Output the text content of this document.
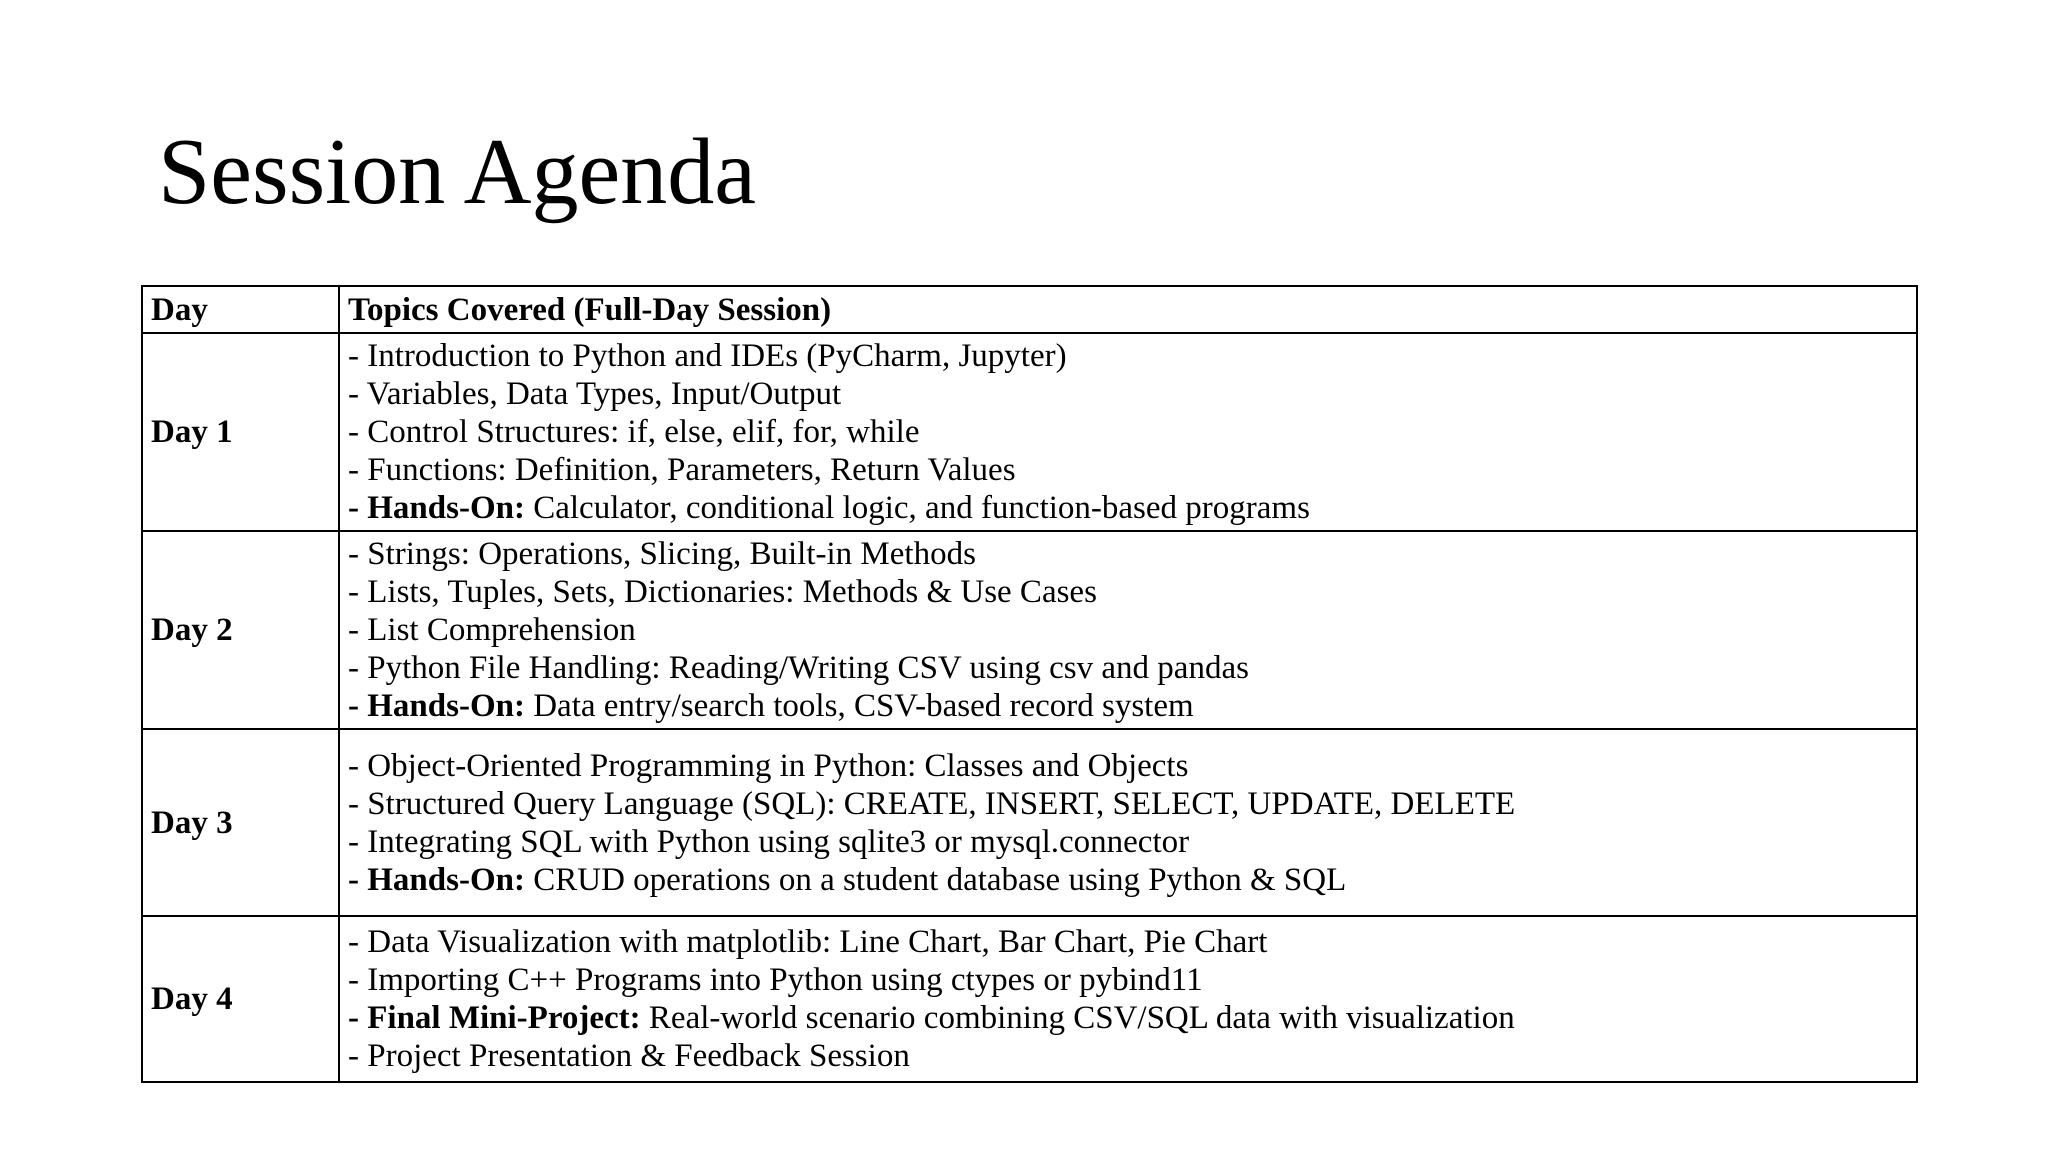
Session Agenda
Day	Topics Covered (Full-Day Session)
Day 1	- Introduction to Python and IDEs (PyCharm, Jupyter)
- Variables, Data Types, Input/Output
- Control Structures: if, else, elif, for, while
- Functions: Definition, Parameters, Return Values
- Hands-On: Calculator, conditional logic, and function-based programs

Day 2	- Strings: Operations, Slicing, Built-in Methods
- Lists, Tuples, Sets, Dictionaries: Methods & Use Cases
- List Comprehension
- Python File Handling: Reading/Writing CSV using csv and pandas
- Hands-On: Data entry/search tools, CSV-based record system

Day 3	- Object-Oriented Programming in Python: Classes and Objects
- Structured Query Language (SQL): CREATE, INSERT, SELECT, UPDATE, DELETE
- Integrating SQL with Python using sqlite3 or mysql.connector
- Hands-On: CRUD operations on a student database using Python & SQL

Day 4	- Data Visualization with matplotlib: Line Chart, Bar Chart, Pie Chart
- Importing C++ Programs into Python using ctypes or pybind11
- Final Mini-Project: Real-world scenario combining CSV/SQL data with visualization
- Project Presentation & Feedback Session
